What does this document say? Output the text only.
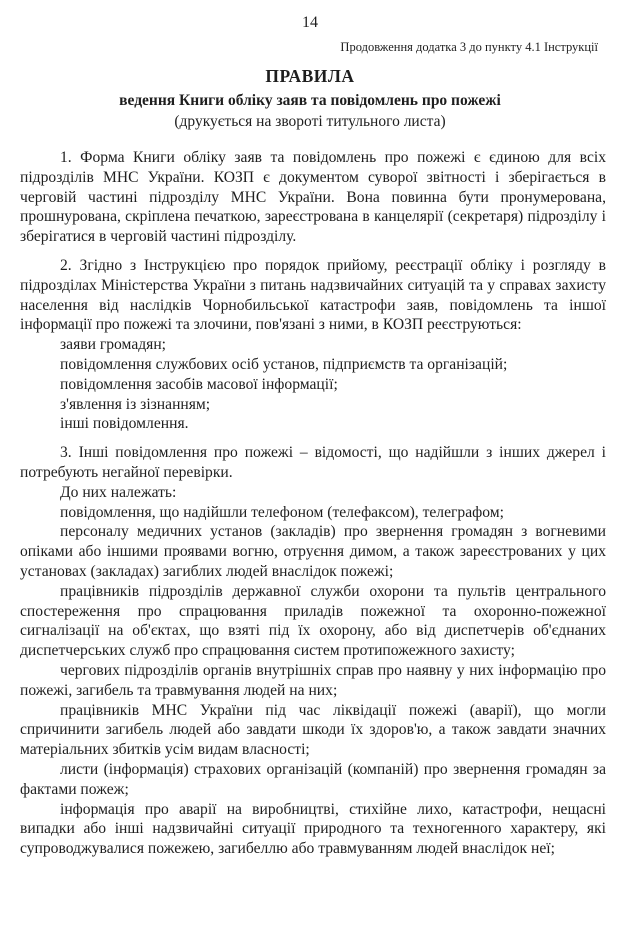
14
Продовження додатка 3 до пункту 4.1 Інструкції
ПРАВИЛА
ведення Книги обліку заяв та повідомлень про пожежі
(друкується на звороті титульного листа)

1. Форма Книги обліку заяв та повідомлень про пожежі є єдиною для всіх підрозділів МНС України. КОЗП є документом суворої звітності і зберігається в черговій частині підрозділу МНС України. Вона повинна бути пронумерована, прошнурована, скріплена печаткою, зареєстрована в канцелярії (секретаря) підрозділу і зберігатися в черговій частині підрозділу.

2. Згідно з Інструкцією про порядок прийому, реєстрації обліку і розгляду в підрозділах Міністерства України з питань надзвичайних ситуацій та у справах захисту населення від наслідків Чорнобильської катастрофи заяв, повідомлень та іншої інформації про пожежі та злочини, пов'язані з ними, в КОЗП реєструються:

заяви громадян;

повідомлення службових осіб установ, підприємств та організацій;

повідомлення засобів масової інформації;

з'явлення із зізнанням;

інші повідомлення.

3. Інші повідомлення про пожежі – відомості, що надійшли з інших джерел і потребують негайної перевірки.

До них належать:

повідомлення, що надійшли телефоном (телефаксом), телеграфом;

персоналу медичних установ (закладів) про звернення громадян з вогневими опіками або іншими проявами вогню, отруєння димом, а також зареєстрованих у цих установах (закладах) загиблих людей внаслідок пожежі;

працівників підрозділів державної служби охорони та пультів центрального спостереження про спрацювання приладів пожежної та охоронно-пожежної сигналізації на об'єктах, що взяті під їх охорону, або від диспетчерів об'єднаних диспетчерських служб про спрацювання систем протипожежного захисту;

чергових підрозділів органів внутрішніх справ про наявну у них інформацію про пожежі, загибель та травмування людей на них;

працівників МНС України під час ліквідації пожежі (аварії), що могли спричинити загибель людей або завдати шкоди їх здоров'ю, а також завдати значних матеріальних збитків усім видам власності;

листи (інформація) страхових організацій (компаній) про звернення громадян за фактами пожеж;

інформація про аварії на виробництві, стихійне лихо, катастрофи, нещасні випадки або інші надзвичайні ситуації природного та техногенного характеру, які супроводжувалися пожежею, загибеллю або травмуванням людей внаслідок неї;
